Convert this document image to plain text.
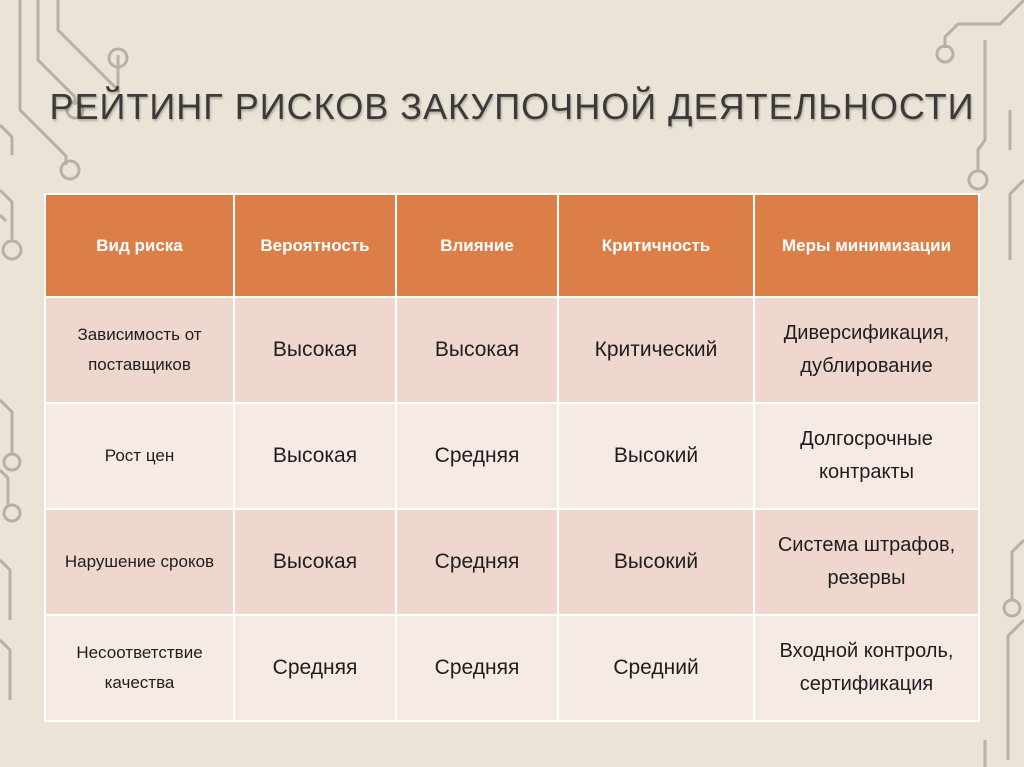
РЕЙТИНГ РИСКОВ ЗАКУПОЧНОЙ ДЕЯТЕЛЬНОСТИ
Вид риска	Вероятность	Влияние	Критичность	Меры минимизации
Зависимость от поставщиков	Высокая	Высокая	Критический	Диверсификация, дублирование
Рост цен	Высокая	Средняя	Высокий	Долгосрочные контракты
Нарушение сроков	Высокая	Средняя	Высокий	Система штрафов, резервы
Несоответствие качества	Средняя	Средняя	Средний	Входной контроль, сертификация
